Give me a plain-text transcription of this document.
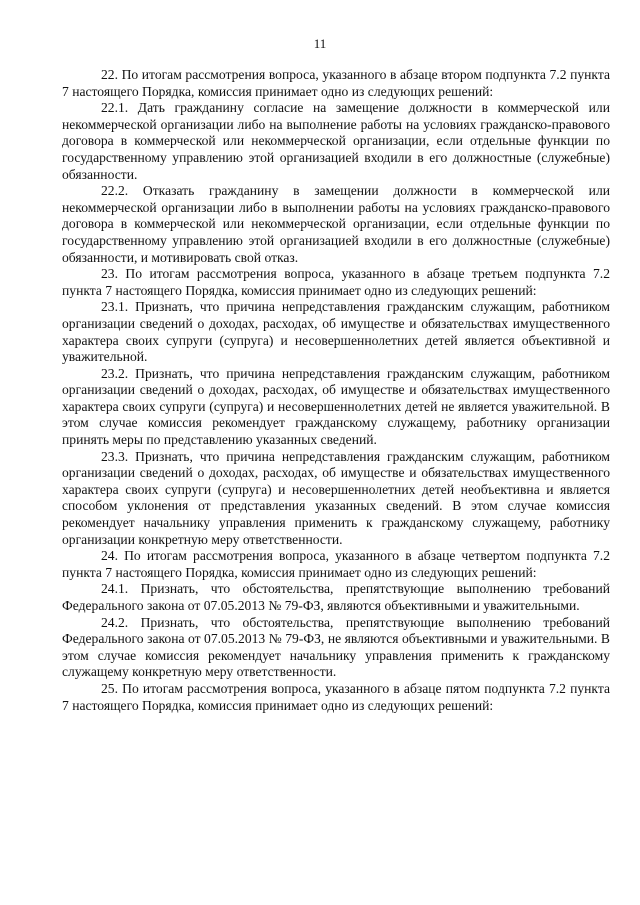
11

22. По итогам рассмотрения вопроса, указанного в абзаце втором подпункта 7.2 пункта 7 настоящего Порядка, комиссия принимает одно из следующих решений:

22.1. Дать гражданину согласие на замещение должности в коммерческой или некоммерческой организации либо на выполнение работы на условиях гражданско-правового договора в коммерческой или некоммерческой организации, если отдельные функции по государственному управлению этой организацией входили в его должностные (служебные) обязанности.

22.2. Отказать гражданину в замещении должности в коммерческой или некоммерческой организации либо в выполнении работы на условиях гражданско-правового договора в коммерческой или некоммерческой организации, если отдельные функции по государственному управлению этой организацией входили в его должностные (служебные) обязанности, и мотивировать свой отказ.

23. По итогам рассмотрения вопроса, указанного в абзаце третьем подпункта 7.2 пункта 7 настоящего Порядка, комиссия принимает одно из следующих решений:

23.1. Признать, что причина непредставления гражданским служащим, работником организации сведений о доходах, расходах, об имуществе и обязательствах имущественного характера своих супруги (супруга) и несовершеннолетних детей является объективной и уважительной.

23.2. Признать, что причина непредставления гражданским служащим, работником организации сведений о доходах, расходах, об имуществе и обязательствах имущественного характера своих супруги (супруга) и несовершеннолетних детей не является уважительной. В этом случае комиссия рекомендует гражданскому служащему, работнику организации принять меры по представлению указанных сведений.

23.3. Признать, что причина непредставления гражданским служащим, работником организации сведений о доходах, расходах, об имуществе и обязательствах имущественного характера своих супруги (супруга) и несовершеннолетних детей необъективна и является способом уклонения от представления указанных сведений. В этом случае комиссия рекомендует начальнику управления применить к гражданскому служащему, работнику организации конкретную меру ответственности.

24. По итогам рассмотрения вопроса, указанного в абзаце четвертом подпункта 7.2 пункта 7 настоящего Порядка, комиссия принимает одно из следующих решений:

24.1. Признать, что обстоятельства, препятствующие выполнению требований Федерального закона от 07.05.2013 № 79-ФЗ, являются объективными и уважительными.

24.2. Признать, что обстоятельства, препятствующие выполнению требований Федерального закона от 07.05.2013 № 79-ФЗ, не являются объективными и уважительными. В этом случае комиссия рекомендует начальнику управления применить к гражданскому служащему конкретную меру ответственности.

25. По итогам рассмотрения вопроса, указанного в абзаце пятом подпункта 7.2 пункта 7 настоящего Порядка, комиссия принимает одно из следующих решений:
